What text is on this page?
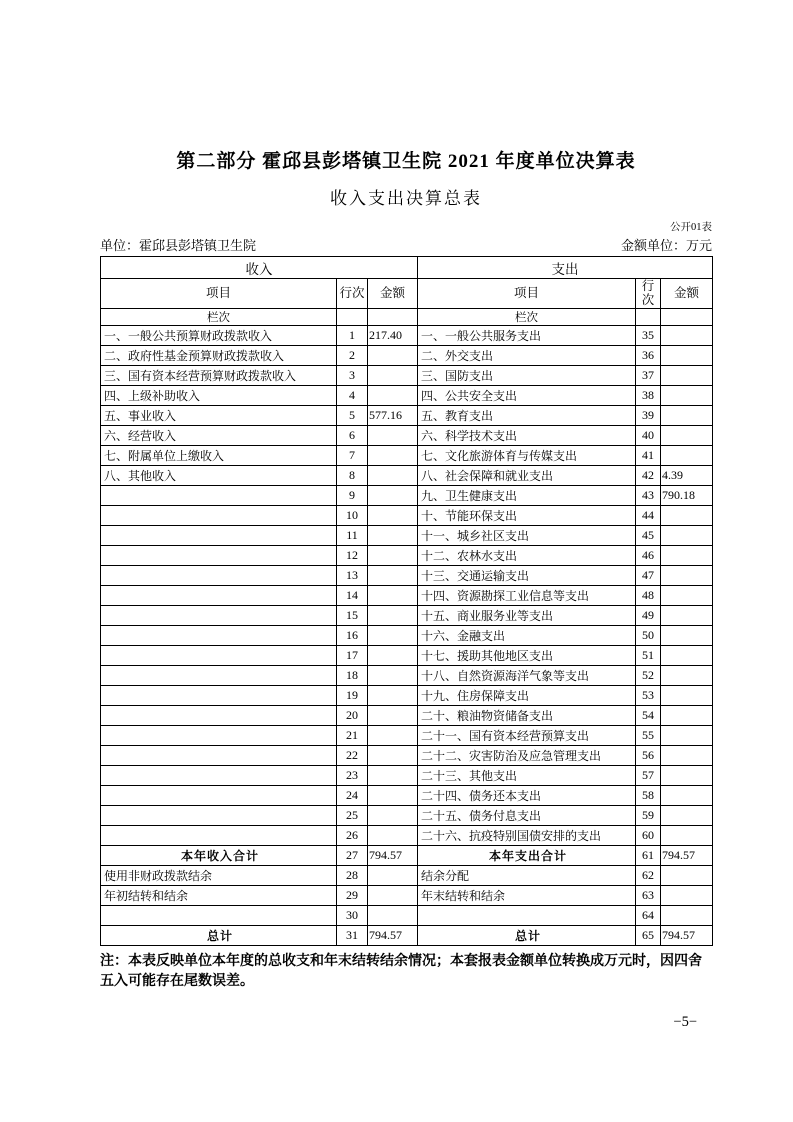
第二部分 霍邱县彭塔镇卫生院 2021 年度单位决算表
收入支出决算总表
公开01表
单位：霍邱县彭塔镇卫生院	金额单位：万元
收入			支出		
项目	行次	金额	项目	行次	金额
栏次			栏次		
一、一般公共预算财政拨款收入	1	217.40	一、一般公共服务支出	35	
二、政府性基金预算财政拨款收入	2		二、外交支出	36	
三、国有资本经营预算财政拨款收入	3		三、国防支出	37	
四、上级补助收入	4		四、公共安全支出	38	
五、事业收入	5	577.16	五、教育支出	39	
六、经营收入	6		六、科学技术支出	40	
七、附属单位上缴收入	7		七、文化旅游体育与传媒支出	41	
八、其他收入	8		八、社会保障和就业支出	42	4.39
	9		九、卫生健康支出	43	790.18
	10		十、节能环保支出	44	
	11		十一、城乡社区支出	45	
	12		十二、农林水支出	46	
	13		十三、交通运输支出	47	
	14		十四、资源勘探工业信息等支出	48	
	15		十五、商业服务业等支出	49	
	16		十六、金融支出	50	
	17		十七、援助其他地区支出	51	
	18		十八、自然资源海洋气象等支出	52	
	19		十九、住房保障支出	53	
	20		二十、粮油物资储备支出	54	
	21		二十一、国有资本经营预算支出	55	
	22		二十二、灾害防治及应急管理支出	56	
	23		二十三、其他支出	57	
	24		二十四、债务还本支出	58	
	25		二十五、债务付息支出	59	
	26		二十六、抗疫特别国债安排的支出	60	
本年收入合计	27	794.57	本年支出合计	61	794.57
使用非财政拨款结余	28		结余分配	62	
年初结转和结余	29		年末结转和结余	63	
	30			64	
总计	31	794.57	总计	65	794.57
注：本表反映单位本年度的总收支和年末结转结余情况；本套报表金额单位转换成万元时，因四舍五入可能存在尾数误差。
−5−
